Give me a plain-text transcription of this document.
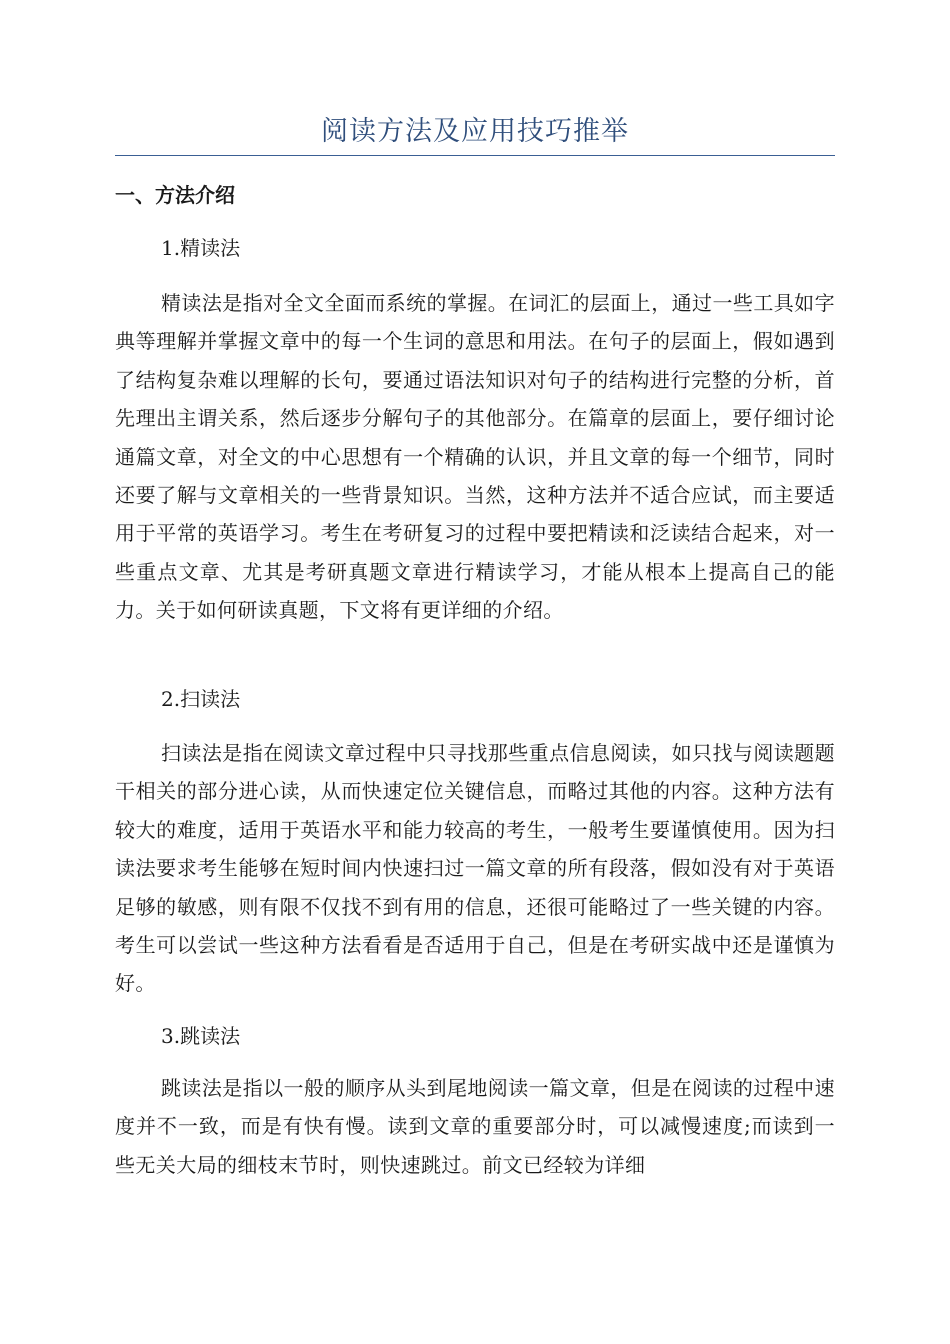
阅读方法及应用技巧推举
一、方法介绍
1.精读法

精读法是指对全文全面而系统的掌握。在词汇的层面上，通过一些工具如字典等理解并掌握文章中的每一个生词的意思和用法。在句子的层面上，假如遇到了结构复杂难以理解的长句，要通过语法知识对句子的结构进行完整的分析，首先理出主谓关系，然后逐步分解句子的其他部分。在篇章的层面上，要仔细讨论通篇文章，对全文的中心思想有一个精确的认识，并且文章的每一个细节，同时还要了解与文章相关的一些背景知识。当然，这种方法并不适合应试，而主要适用于平常的英语学习。考生在考研复习的过程中要把精读和泛读结合起来，对一些重点文章、尤其是考研真题文章进行精读学习，才能从根本上提高自己的能力。关于如何研读真题，下文将有更详细的介绍。

2.扫读法

扫读法是指在阅读文章过程中只寻找那些重点信息阅读，如只找与阅读题题干相关的部分进心读，从而快速定位关键信息，而略过其他的内容。这种方法有较大的难度，适用于英语水平和能力较高的考生，一般考生要谨慎使用。因为扫读法要求考生能够在短时间内快速扫过一篇文章的所有段落，假如没有对于英语足够的敏感，则有限不仅找不到有用的信息，还很可能略过了一些关键的内容。考生可以尝试一些这种方法看看是否适用于自己，但是在考研实战中还是谨慎为好。

3.跳读法

跳读法是指以一般的顺序从头到尾地阅读一篇文章，但是在阅读的过程中速度并不一致，而是有快有慢。读到文章的重要部分时，可以减慢速度;而读到一些无关大局的细枝末节时，则快速跳过。前文已经较为详细
